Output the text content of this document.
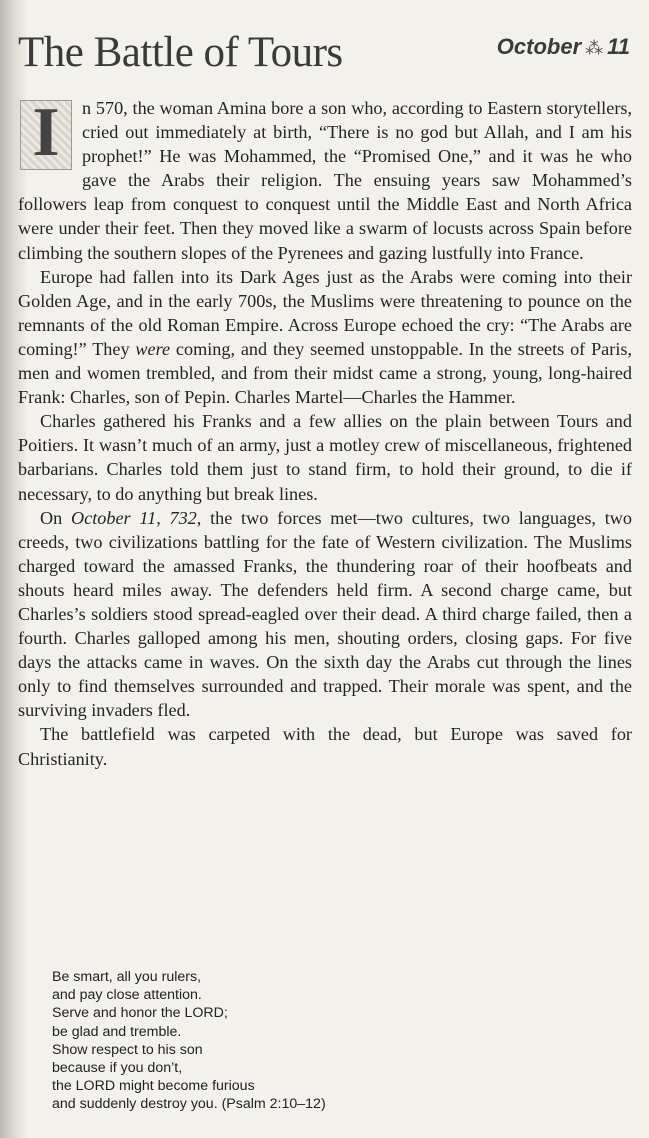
The Battle of Tours	October ⁂ 11

I	n 570, the woman Amina bore a son who, according to Eastern storytellers, cried out immediately at birth, “There is no god but Allah, and I am his prophet!” He was Mohammed, the “Promised One,” and it was he who gave the Arabs their religion. The ensuing years saw Mohammed’s followers leap from conquest to conquest until the Middle East and North Africa were under their feet. Then they moved like a swarm of locusts across Spain before climbing the southern slopes of the Pyrenees and gazing lustfully into France.

Europe had fallen into its Dark Ages just as the Arabs were coming into their Golden Age, and in the early 700s, the Muslims were threatening to pounce on the remnants of the old Roman Empire. Across Europe echoed the cry: “The Arabs are coming!” They were coming, and they seemed unstoppable. In the streets of Paris, men and women trembled, and from their midst came a strong, young, long-haired Frank: Charles, son of Pepin. Charles Martel—Charles the Hammer.

Charles gathered his Franks and a few allies on the plain between Tours and Poitiers. It wasn’t much of an army, just a motley crew of miscellaneous, frightened barbarians. Charles told them just to stand firm, to hold their ground, to die if necessary, to do anything but break lines.

On October 11, 732, the two forces met—two cultures, two languages, two creeds, two civilizations battling for the fate of Western civilization. The Muslims charged toward the amassed Franks, the thundering roar of their hoofbeats and shouts heard miles away. The defenders held firm. A second charge came, but Charles’s soldiers stood spread-eagled over their dead. A third charge failed, then a fourth. Charles galloped among his men, shouting orders, closing gaps. For five days the attacks came in waves. On the sixth day the Arabs cut through the lines only to find themselves surrounded and trapped. Their morale was spent, and the surviving invaders fled.

The battlefield was carpeted with the dead, but Europe was saved for Christianity.

Be smart, all you rulers,
and pay close attention.
Serve and honor the LORD;
be glad and tremble.
Show respect to his son
because if you don’t,
the LORD might become furious
and suddenly destroy you. (Psalm 2:10–12)
